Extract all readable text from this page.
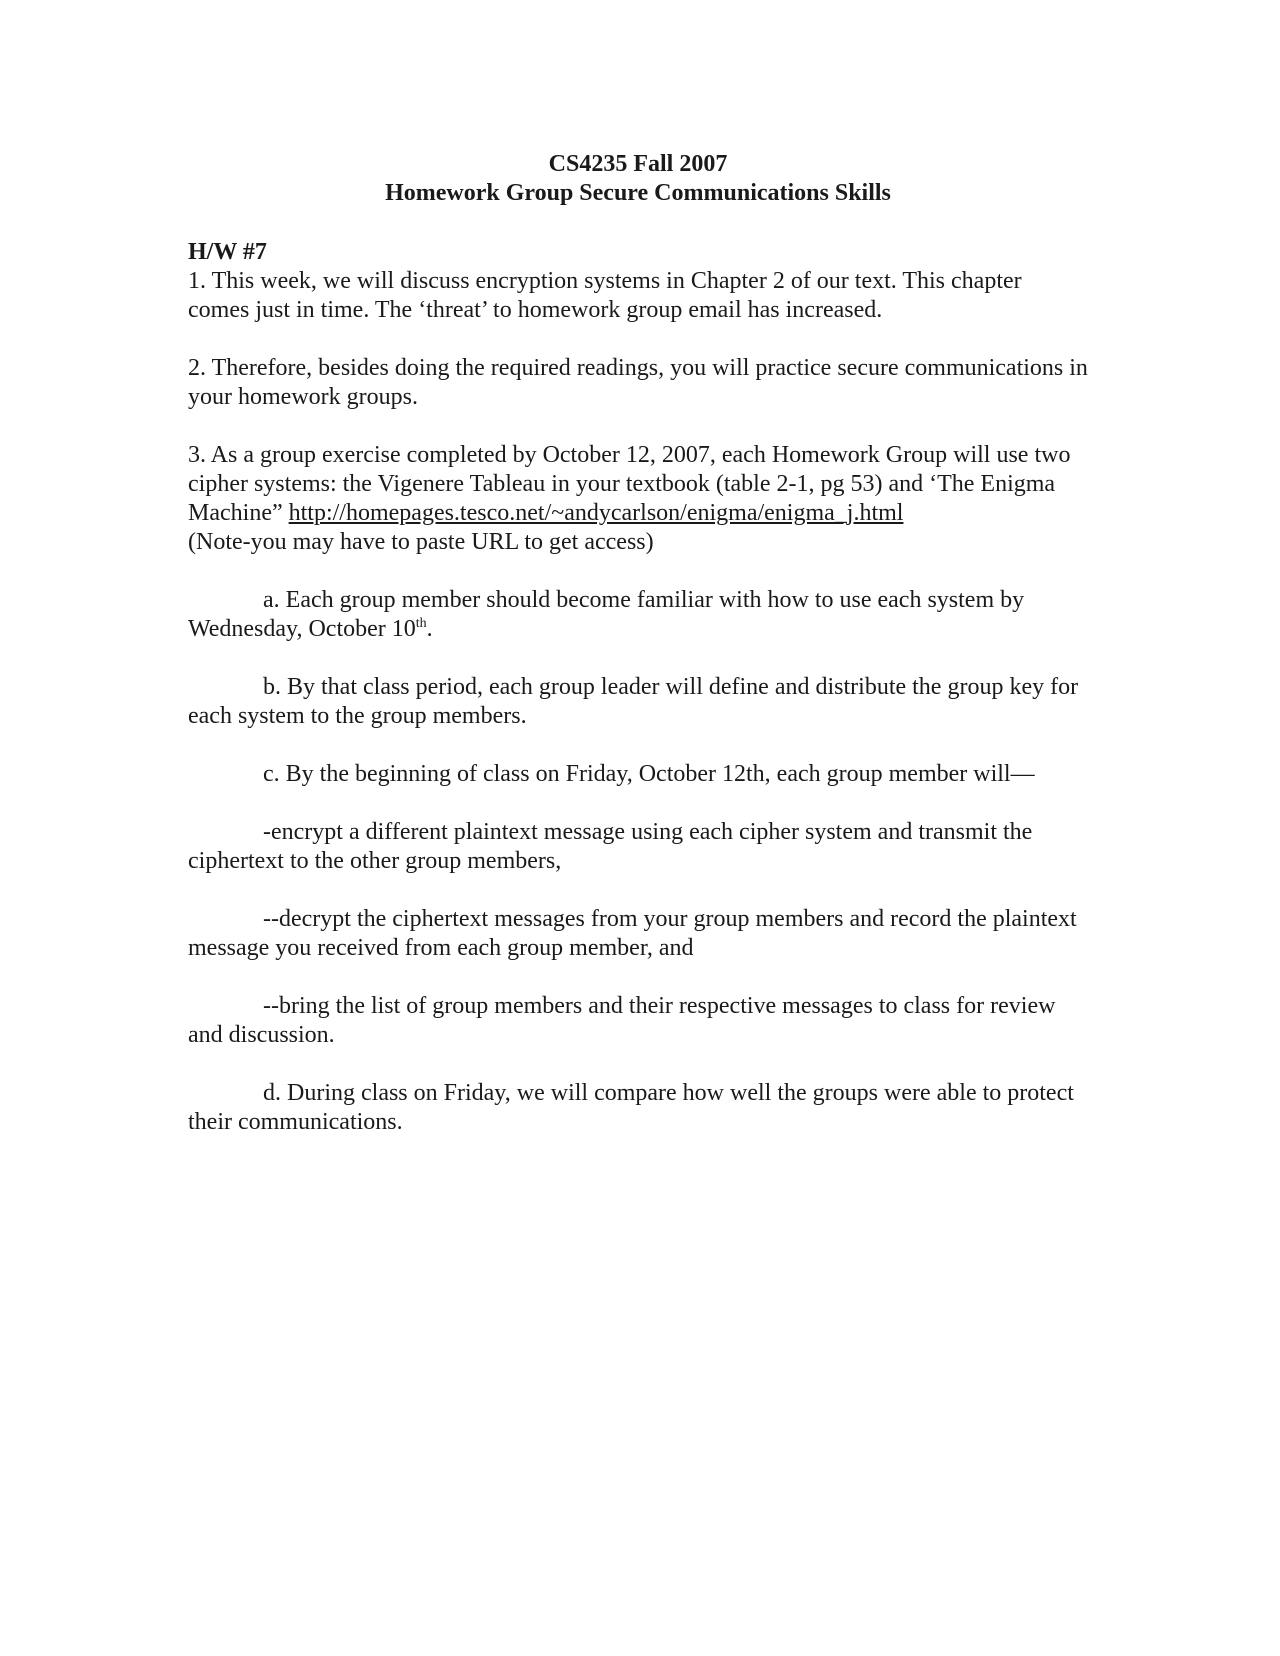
CS4235 Fall 2007
Homework Group Secure Communications Skills
H/W #7

1. This week, we will discuss encryption systems in Chapter 2 of our text. This chapter comes just in time. The ‘threat’ to homework group email has increased.

2. Therefore, besides doing the required readings, you will practice secure communications in your homework groups.

3. As a group exercise completed by October 12, 2007, each Homework Group will use two cipher systems: the Vigenere Tableau in your textbook (table 2-1, pg 53) and ‘The Enigma Machine” http://homepages.tesco.net/~andycarlson/enigma/enigma_j.html
(Note-you may have to paste URL to get access)

a. Each group member should become familiar with how to use each system by Wednesday, October 10th.

b. By that class period, each group leader will define and distribute the group key for each system to the group members.

c. By the beginning of class on Friday, October 12th, each group member will—

-encrypt a different plaintext message using each cipher system and transmit the ciphertext to the other group members,

--decrypt the ciphertext messages from your group members and record the plaintext message you received from each group member, and

--bring the list of group members and their respective messages to class for review and discussion.

d. During class on Friday, we will compare how well the groups were able to protect their communications.
